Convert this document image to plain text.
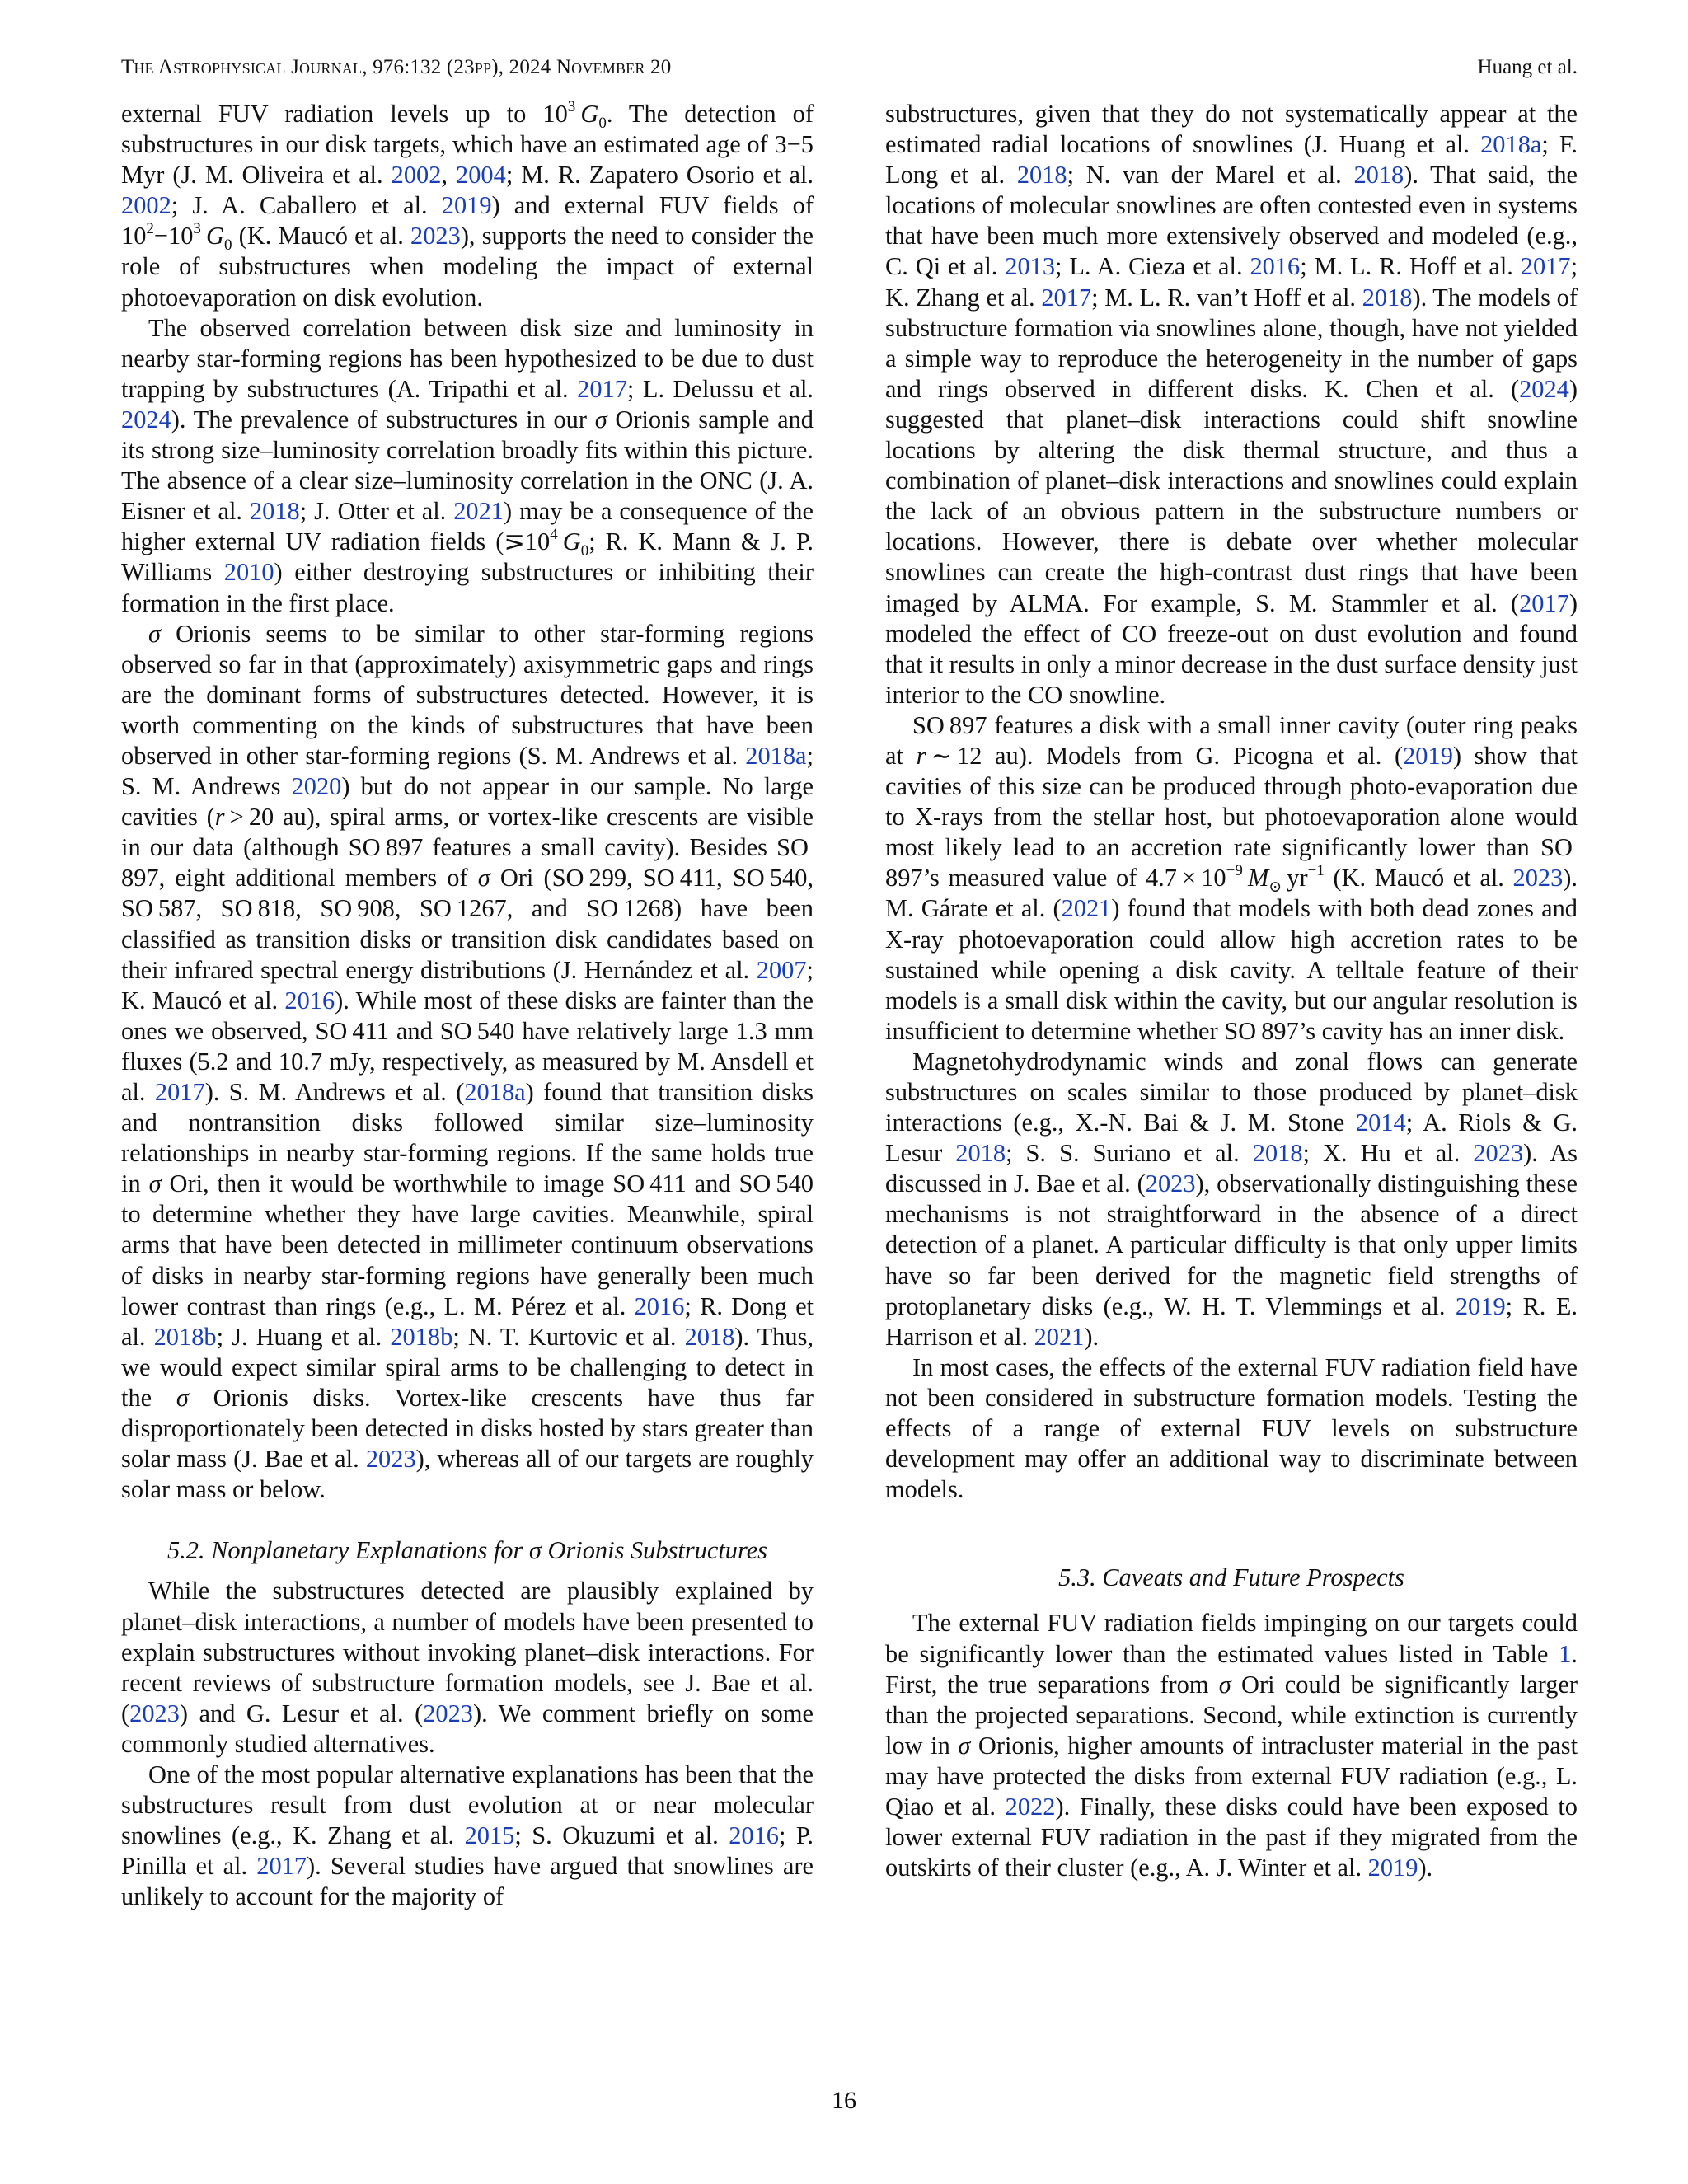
The Astrophysical Journal, 976:132 (23pp), 2024 November 20	Huang et al.

external FUV radiation levels up to $10^3$  $G_0$. The detection of substructures in our disk targets, which have an estimated age of 3−5 Myr (J. M. Oliveira et al. 2002, 2004; M. R. Zapatero Osorio et al. 2002; J. A. Caballero et al. 2019) and external FUV fields of $10^2-10^3$  $G_0$ (K. Maucó et al. 2023), supports the need to consider the role of substructures when modeling the impact of external photoevaporation on disk evolution.

The observed correlation between disk size and luminosity in nearby star-forming regions has been hypothesized to be due to dust trapping by substructures (A. Tripathi et al. 2017; L. Delussu et al. 2024). The prevalence of substructures in our σ Orionis sample and its strong size–luminosity correlation broadly fits within this picture. The absence of a clear size–luminosity correlation in the ONC (J. A. Eisner et al. 2018; J. Otter et al. 2021) may be a consequence of the higher external UV radiation fields ($⋝10^4$  $G_0$; R. K. Mann & J. P. Williams 2010) either destroying substructures or inhibiting their formation in the first place.

σ Orionis seems to be similar to other star-forming regions observed so far in that (approximately) axisymmetric gaps and rings are the dominant forms of substructures detected. However, it is worth commenting on the kinds of substructures that have been observed in other star-forming regions (S. M. Andrews et al. 2018a; S. M. Andrews 2020) but do not appear in our sample. No large cavities (r > 20 au), spiral arms, or vortex-like crescents are visible in our data (although SO 897 features a small cavity). Besides SO 897, eight additional members of σ Ori (SO 299, SO 411, SO 540, SO 587, SO 818, SO 908, SO 1267, and SO 1268) have been classified as transition disks or transition disk candidates based on their infrared spectral energy distributions (J. Hernández et al. 2007; K. Maucó et al. 2016). While most of these disks are fainter than the ones we observed, SO 411 and SO 540 have relatively large 1.3 mm fluxes (5.2 and 10.7 mJy, respectively, as measured by M. Ansdell et al. 2017). S. M. Andrews et al. (2018a) found that transition disks and nontransition disks followed similar size–luminosity relationships in nearby star-forming regions. If the same holds true in σ Ori, then it would be worthwhile to image SO 411 and SO 540 to determine whether they have large cavities. Meanwhile, spiral arms that have been detected in millimeter continuum observations of disks in nearby star-forming regions have generally been much lower contrast than rings (e.g., L. M. Pérez et al. 2016; R. Dong et al. 2018b; J. Huang et al. 2018b; N. T. Kurtovic et al. 2018). Thus, we would expect similar spiral arms to be challenging to detect in the σ Orionis disks. Vortex-like crescents have thus far disproportionately been detected in disks hosted by stars greater than solar mass (J. Bae et al. 2023), whereas all of our targets are roughly solar mass or below.

5.2. Nonplanetary Explanations for σ Orionis Substructures

While the substructures detected are plausibly explained by planet–disk interactions, a number of models have been presented to explain substructures without invoking planet–disk interactions. For recent reviews of substructure formation models, see J. Bae et al. (2023) and G. Lesur et al. (2023). We comment briefly on some commonly studied alternatives.

One of the most popular alternative explanations has been that the substructures result from dust evolution at or near molecular snowlines (e.g., K. Zhang et al. 2015; S. Okuzumi et al. 2016; P. Pinilla et al. 2017). Several studies have argued that snowlines are unlikely to account for the majority of

substructures, given that they do not systematically appear at the estimated radial locations of snowlines (J. Huang et al. 2018a; F. Long et al. 2018; N. van der Marel et al. 2018). That said, the locations of molecular snowlines are often contested even in systems that have been much more extensively observed and modeled (e.g., C. Qi et al. 2013; L. A. Cieza et al. 2016; M. L. R. Hoff et al. 2017; K. Zhang et al. 2017; M. L. R. van’t Hoff et al. 2018). The models of substructure formation via snowlines alone, though, have not yielded a simple way to reproduce the heterogeneity in the number of gaps and rings observed in different disks. K. Chen et al. (2024) suggested that planet–disk interactions could shift snowline locations by altering the disk thermal structure, and thus a combination of planet–disk interactions and snowlines could explain the lack of an obvious pattern in the substructure numbers or locations. However, there is debate over whether molecular snowlines can create the high-contrast dust rings that have been imaged by ALMA. For example, S. M. Stammler et al. (2017) modeled the effect of CO freeze-out on dust evolution and found that it results in only a minor decrease in the dust surface density just interior to the CO snowline.

SO 897 features a disk with a small inner cavity (outer ring peaks at r ∼ 12 au). Models from G. Picogna et al. (2019) show that cavities of this size can be produced through photo-evaporation due to X-rays from the stellar host, but photoevaporation alone would most likely lead to an accretion rate significantly lower than SO 897’s measured value of $4.7 \times 10^{-9}$  $M_⊙$ $yr^{-1}$ (K. Maucó et al. 2023). M. Gárate et al. (2021) found that models with both dead zones and X-ray photoevaporation could allow high accretion rates to be sustained while opening a disk cavity. A telltale feature of their models is a small disk within the cavity, but our angular resolution is insufficient to determine whether SO 897’s cavity has an inner disk.

Magnetohydrodynamic winds and zonal flows can generate substructures on scales similar to those produced by planet–disk interactions (e.g., X.-N. Bai & J. M. Stone 2014; A. Riols & G. Lesur 2018; S. S. Suriano et al. 2018; X. Hu et al. 2023). As discussed in J. Bae et al. (2023), observationally distinguishing these mechanisms is not straightforward in the absence of a direct detection of a planet. A particular difficulty is that only upper limits have so far been derived for the magnetic field strengths of protoplanetary disks (e.g., W. H. T. Vlemmings et al. 2019; R. E. Harrison et al. 2021).

In most cases, the effects of the external FUV radiation field have not been considered in substructure formation models. Testing the effects of a range of external FUV levels on substructure development may offer an additional way to discriminate between models.

5.3. Caveats and Future Prospects

The external FUV radiation fields impinging on our targets could be significantly lower than the estimated values listed in Table 1. First, the true separations from σ Ori could be significantly larger than the projected separations. Second, while extinction is currently low in σ Orionis, higher amounts of intracluster material in the past may have protected the disks from external FUV radiation (e.g., L. Qiao et al. 2022). Finally, these disks could have been exposed to lower external FUV radiation in the past if they migrated from the outskirts of their cluster (e.g., A. J. Winter et al. 2019).

16
